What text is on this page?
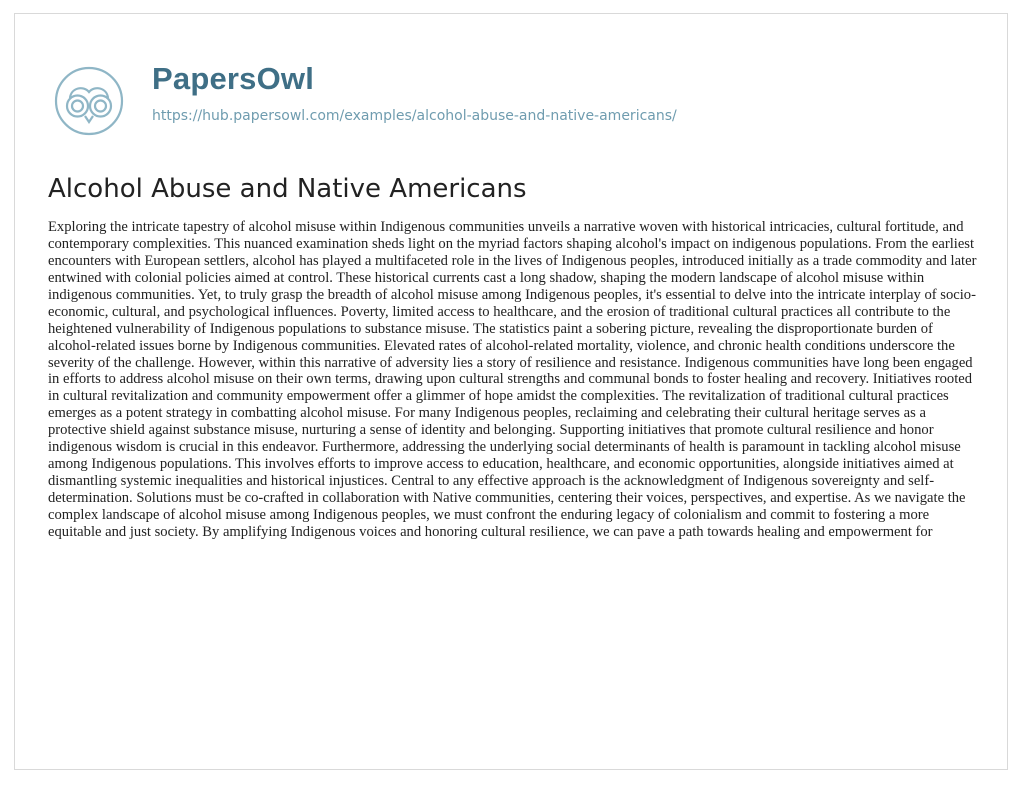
PapersOwl
https://hub.papersowl.com/examples/alcohol-abuse-and-native-americans/
Alcohol Abuse and Native Americans

Exploring the intricate tapestry of alcohol misuse within Indigenous communities unveils a narrative woven with historical intricacies, cultural fortitude, and contemporary complexities. This nuanced examination sheds light on the myriad factors shaping alcohol's impact on indigenous populations. From the earliest encounters with European settlers, alcohol has played a multifaceted role in the lives of Indigenous peoples, introduced initially as a trade commodity and later entwined with colonial policies aimed at control. These historical currents cast a long shadow, shaping the modern landscape of alcohol misuse within indigenous communities. Yet, to truly grasp the breadth of alcohol misuse among Indigenous peoples, it's essential to delve into the intricate interplay of socio-economic, cultural, and psychological influences. Poverty, limited access to healthcare, and the erosion of traditional cultural practices all contribute to the heightened vulnerability of Indigenous populations to substance misuse. The statistics paint a sobering picture, revealing the disproportionate burden of alcohol-related issues borne by Indigenous communities. Elevated rates of alcohol-related mortality, violence, and chronic health conditions underscore the severity of the challenge. However, within this narrative of adversity lies a story of resilience and resistance. Indigenous communities have long been engaged in efforts to address alcohol misuse on their own terms, drawing upon cultural strengths and communal bonds to foster healing and recovery. Initiatives rooted in cultural revitalization and community empowerment offer a glimmer of hope amidst the complexities. The revitalization of traditional cultural practices emerges as a potent strategy in combatting alcohol misuse. For many Indigenous peoples, reclaiming and celebrating their cultural heritage serves as a protective shield against substance misuse, nurturing a sense of identity and belonging. Supporting initiatives that promote cultural resilience and honor indigenous wisdom is crucial in this endeavor. Furthermore, addressing the underlying social determinants of health is paramount in tackling alcohol misuse among Indigenous populations. This involves efforts to improve access to education, healthcare, and economic opportunities, alongside initiatives aimed at dismantling systemic inequalities and historical injustices. Central to any effective approach is the acknowledgment of Indigenous sovereignty and self-determination. Solutions must be co-crafted in collaboration with Native communities, centering their voices, perspectives, and expertise. As we navigate the complex landscape of alcohol misuse among Indigenous peoples, we must confront the enduring legacy of colonialism and commit to fostering a more equitable and just society. By amplifying Indigenous voices and honoring cultural resilience, we can pave a path towards healing and empowerment for
